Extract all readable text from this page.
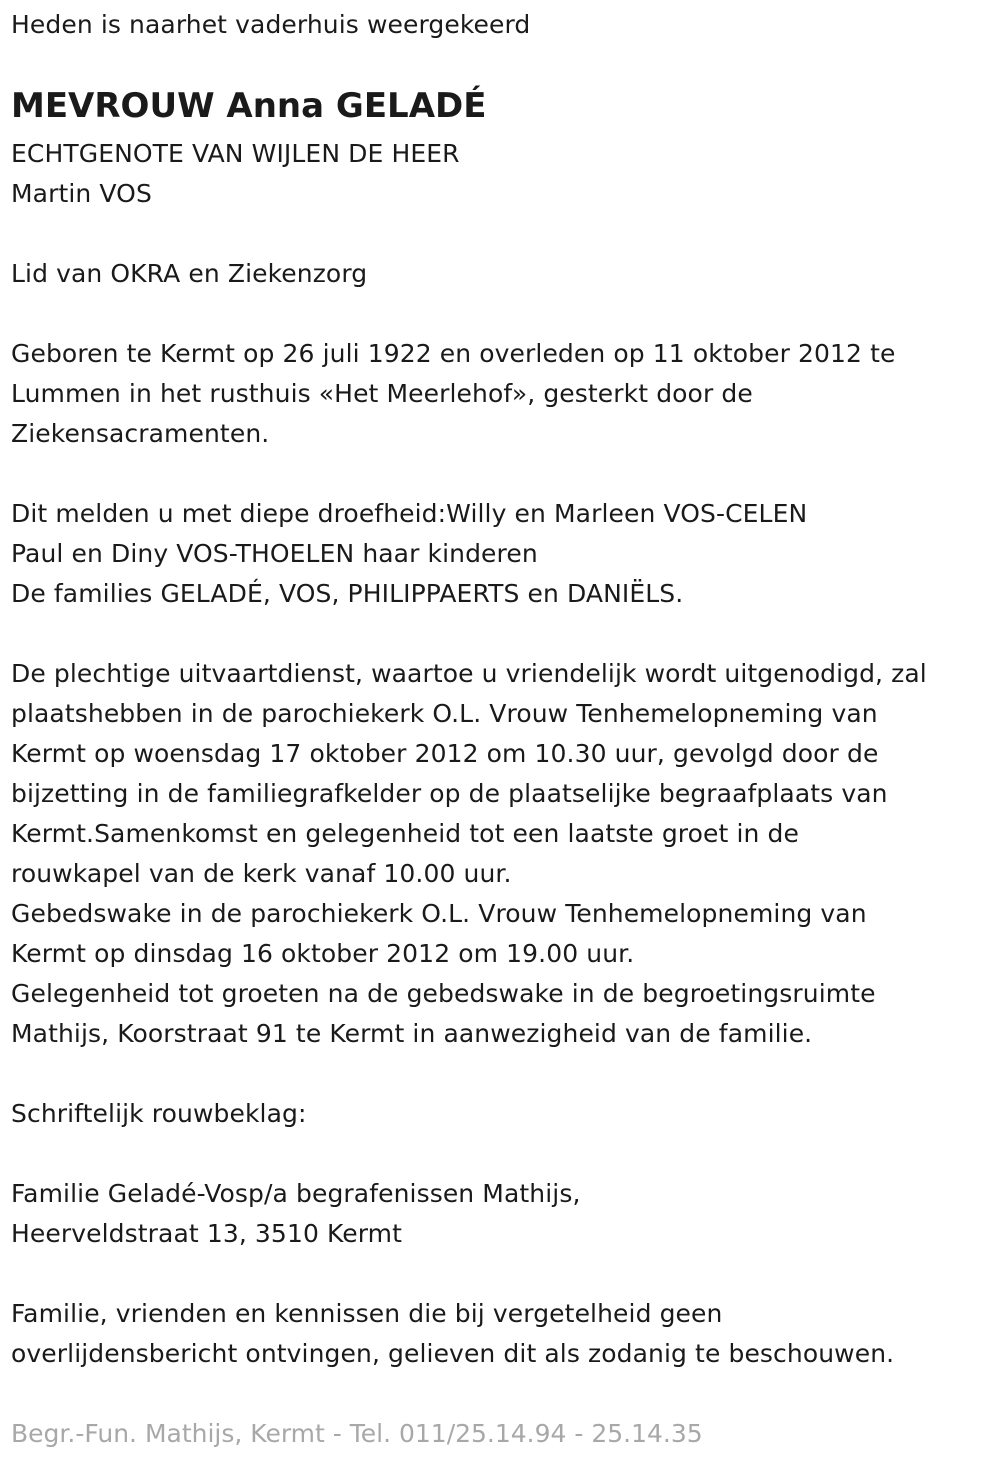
Heden is naarhet vaderhuis weergekeerd
MEVROUW Anna GELADÉ
ECHTGENOTE VAN WIJLEN DE HEER
Martin VOS
Lid van OKRA en Ziekenzorg
Geboren te Kermt op 26 juli 1922 en overleden op 11 oktober 2012 te
Lummen in het rusthuis «Het Meerlehof», gesterkt door de
Ziekensacramenten.
Dit melden u met diepe droefheid:Willy en Marleen VOS-CELEN
Paul en Diny VOS-THOELEN haar kinderen
De families GELADÉ, VOS, PHILIPPAERTS en DANIËLS.
De plechtige uitvaartdienst, waartoe u vriendelijk wordt uitgenodigd, zal
plaatshebben in de parochiekerk O.L. Vrouw Tenhemelopneming van
Kermt op woensdag 17 oktober 2012 om 10.30 uur, gevolgd door de
bijzetting in de familiegrafkelder op de plaatselijke begraafplaats van
Kermt.Samenkomst en gelegenheid tot een laatste groet in de
rouwkapel van de kerk vanaf 10.00 uur.
Gebedswake in de parochiekerk O.L. Vrouw Tenhemelopneming van
Kermt op dinsdag 16 oktober 2012 om 19.00 uur.
Gelegenheid tot groeten na de gebedswake in de begroetingsruimte
Mathijs, Koorstraat 91 te Kermt in aanwezigheid van de familie.
Schriftelijk rouwbeklag:
Familie Geladé-Vosp/a begrafenissen Mathijs,
Heerveldstraat 13, 3510 Kermt
Familie, vrienden en kennissen die bij vergetelheid geen
overlijdensbericht ontvingen, gelieven dit als zodanig te beschouwen.
Begr.-Fun. Mathijs, Kermt - Tel. 011/25.14.94 - 25.14.35
